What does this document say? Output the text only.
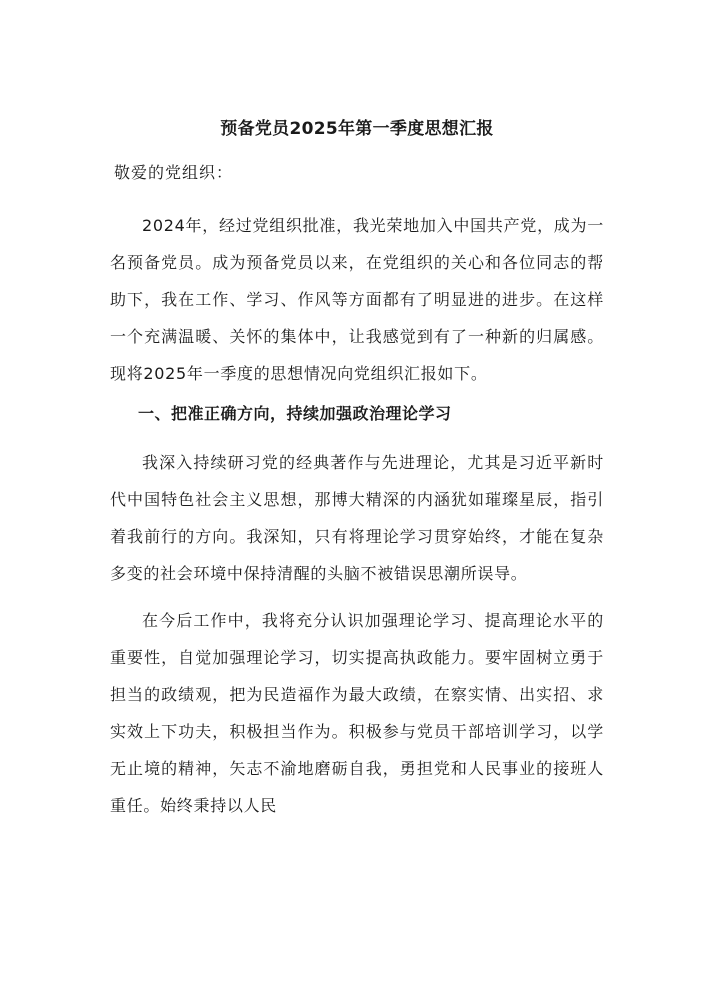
预备党员2025年第一季度思想汇报
敬爱的党组织：

2024年，经过党组织批准，我光荣地加入中国共产党，成为一名预备党员。成为预备党员以来，在党组织的关心和各位同志的帮助下，我在工作、学习、作风等方面都有了明显进的进步。在这样一个充满温暖、关怀的集体中，让我感觉到有了一种新的归属感。现将2025年一季度的思想情况向党组织汇报如下。

一、把准正确方向，持续加强政治理论学习

我深入持续研习党的经典著作与先进理论，尤其是习近平新时代中国特色社会主义思想，那博大精深的内涵犹如璀璨星辰，指引着我前行的方向。我深知，只有将理论学习贯穿始终，才能在复杂多变的社会环境中保持清醒的头脑不被错误思潮所误导。

在今后工作中，我将充分认识加强理论学习、提高理论水平的重要性，自觉加强理论学习，切实提高执政能力。要牢固树立勇于担当的政绩观，把为民造福作为最大政绩，在察实情、出实招、求实效上下功夫，积极担当作为。积极参与党员干部培训学习，以学无止境的精神，矢志不渝地磨砺自我，勇担党和人民事业的接班人重任。始终秉持以人民
